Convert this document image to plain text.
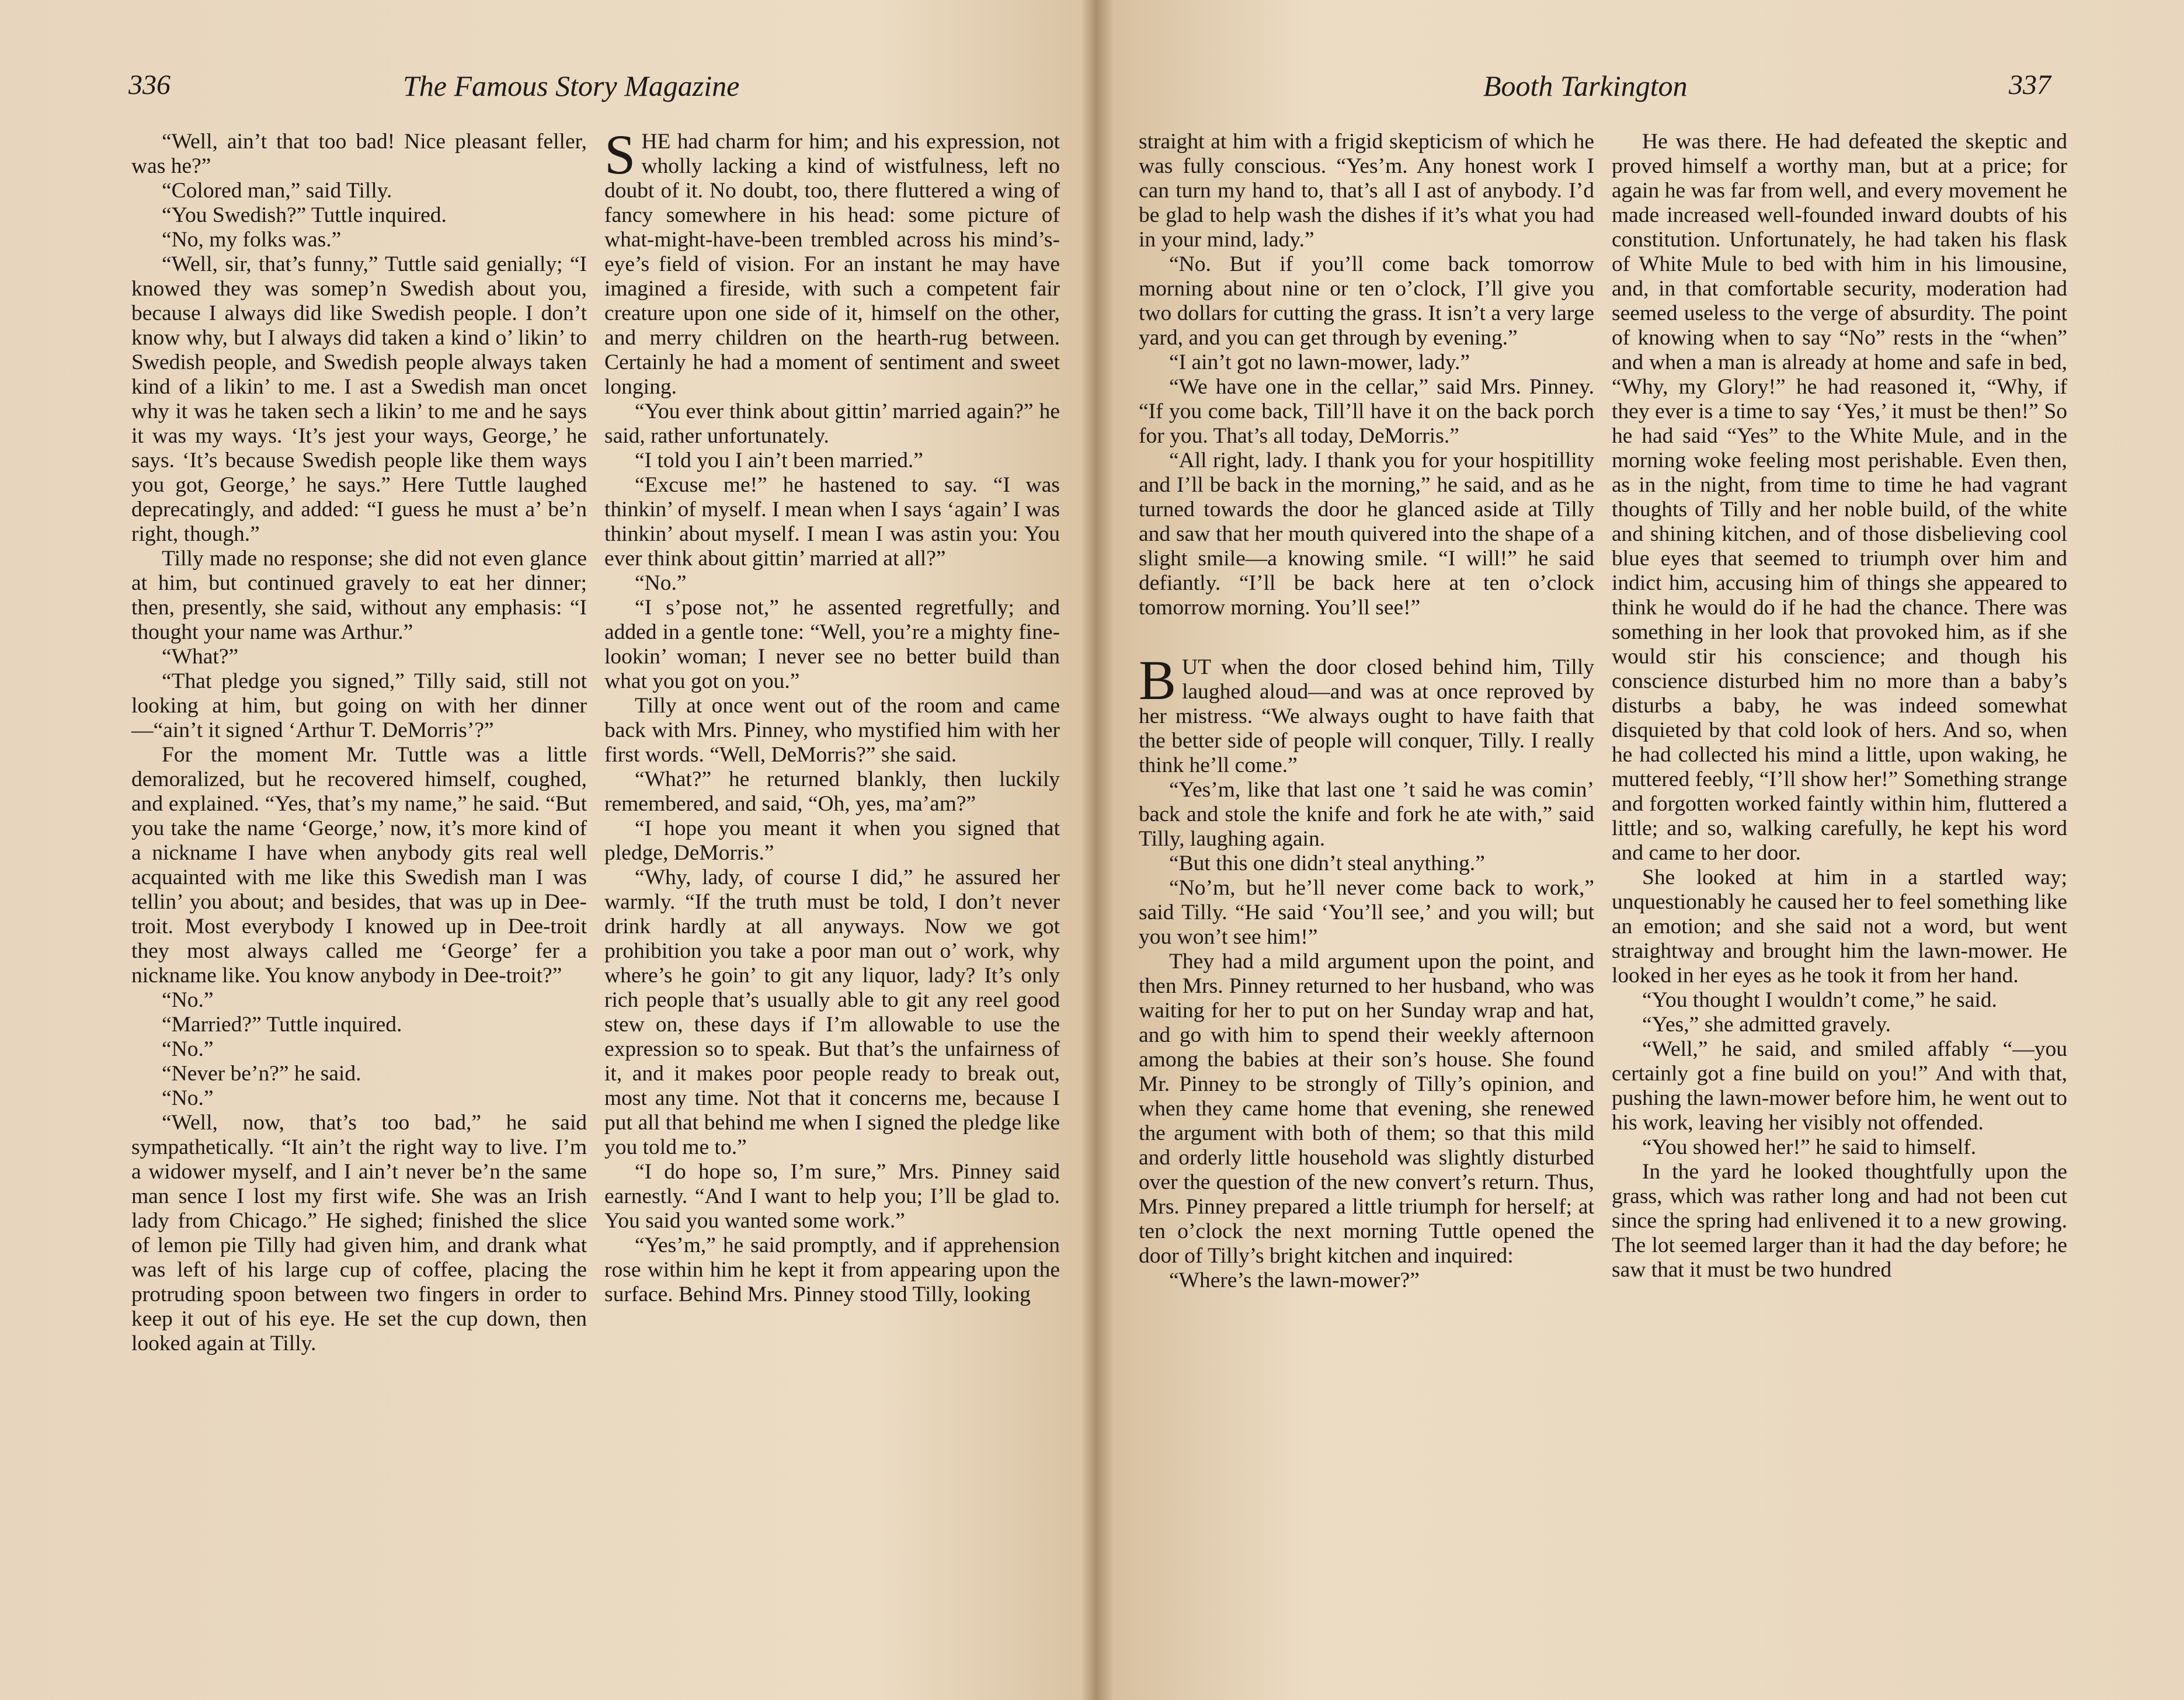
336	The Famous Story Magazine

“Well, ain’t that too bad! Nice pleasant feller, was he?”

“Colored man,” said Tilly.

“You Swedish?” Tuttle inquired.

“No, my folks was.”

“Well, sir, that’s funny,” Tuttle said genially; “I knowed they was somep’n Swedish about you, because I always did like Swedish people. I don’t know why, but I always did taken a kind o’ likin’ to Swedish people, and Swedish people always taken kind of a likin’ to me. I ast a Swedish man oncet why it was he taken sech a likin’ to me and he says it was my ways. ‘It’s jest your ways, George,’ he says. ‘It’s because Swedish people like them ways you got, George,’ he says.” Here Tuttle laughed deprecatingly, and added: “I guess he must a’ be’n right, though.”

Tilly made no response; she did not even glance at him, but continued gravely to eat her dinner; then, presently, she said, without any emphasis: “I thought your name was Arthur.”

“What?”

“That pledge you signed,” Tilly said, still not looking at him, but going on with her dinner—“ain’t it signed ‘Arthur T. DeMorris’?”

For the moment Mr. Tuttle was a little demoralized, but he recovered himself, coughed, and explained. “Yes, that’s my name,” he said. “But you take the name ‘George,’ now, it’s more kind of a nickname I have when anybody gits real well acquainted with me like this Swedish man I was tellin’ you about; and besides, that was up in Dee-troit. Most everybody I knowed up in Dee-troit they most always called me ‘George’ fer a nickname like. You know anybody in Dee-troit?”

“No.”

“Married?” Tuttle inquired.

“No.”

“Never be’n?” he said.

“No.”

“Well, now, that’s too bad,” he said sympathetically. “It ain’t the right way to live. I’m a widower myself, and I ain’t never be’n the same man sence I lost my first wife. She was an Irish lady from Chicago.” He sighed; finished the slice of lemon pie Tilly had given him, and drank what was left of his large cup of coffee, placing the protruding spoon between two fingers in order to keep it out of his eye. He set the cup down, then looked again at Tilly.

SHE had charm for him; and his expression, not wholly lacking a kind of wistfulness, left no doubt of it. No doubt, too, there fluttered a wing of fancy somewhere in his head: some picture of what-might-have-been trembled across his mind’s-eye’s field of vision. For an instant he may have imagined a fireside, with such a competent fair creature upon one side of it, himself on the other, and merry children on the hearth-rug between. Certainly he had a moment of sentiment and sweet longing.

“You ever think about gittin’ married again?” he said, rather unfortunately.

“I told you I ain’t been married.”

“Excuse me!” he hastened to say. “I was thinkin’ of myself. I mean when I says ‘again’ I was thinkin’ about myself. I mean I was astin you: You ever think about gittin’ married at all?”

“No.”

“I s’pose not,” he assented regretfully; and added in a gentle tone: “Well, you’re a mighty fine-lookin’ woman; I never see no better build than what you got on you.”

Tilly at once went out of the room and came back with Mrs. Pinney, who mystified him with her first words. “Well, DeMorris?” she said.

“What?” he returned blankly, then luckily remembered, and said, “Oh, yes, ma’am?”

“I hope you meant it when you signed that pledge, DeMorris.”

“Why, lady, of course I did,” he assured her warmly. “If the truth must be told, I don’t never drink hardly at all anyways. Now we got prohibition you take a poor man out o’ work, why where’s he goin’ to git any liquor, lady? It’s only rich people that’s usually able to git any reel good stew on, these days if I’m allowable to use the expression so to speak. But that’s the unfairness of it, and it makes poor people ready to break out, most any time. Not that it concerns me, because I put all that behind me when I signed the pledge like you told me to.”

“I do hope so, I’m sure,” Mrs. Pinney said earnestly. “And I want to help you; I’ll be glad to. You said you wanted some work.”

“Yes’m,” he said promptly, and if apprehension rose within him he kept it from appearing upon the surface. Behind Mrs. Pinney stood Tilly, looking

Booth Tarkington	337

straight at him with a frigid skepticism of which he was fully conscious. “Yes’m. Any honest work I can turn my hand to, that’s all I ast of anybody. I’d be glad to help wash the dishes if it’s what you had in your mind, lady.”

“No. But if you’ll come back tomorrow morning about nine or ten o’clock, I’ll give you two dollars for cutting the grass. It isn’t a very large yard, and you can get through by evening.”

“I ain’t got no lawn-mower, lady.”

“We have one in the cellar,” said Mrs. Pinney. “If you come back, Till’ll have it on the back porch for you. That’s all today, DeMorris.”

“All right, lady. I thank you for your hospitillity and I’ll be back in the morning,” he said, and as he turned towards the door he glanced aside at Tilly and saw that her mouth quivered into the shape of a slight smile—a knowing smile. “I will!” he said defiantly. “I’ll be back here at ten o’clock tomorrow morning. You’ll see!”

BUT when the door closed behind him, Tilly laughed aloud—and was at once reproved by her mistress. “We always ought to have faith that the better side of people will conquer, Tilly. I really think he’ll come.”

“Yes’m, like that last one ’t said he was comin’ back and stole the knife and fork he ate with,” said Tilly, laughing again.

“But this one didn’t steal anything.”

“No’m, but he’ll never come back to work,” said Tilly. “He said ‘You’ll see,’ and you will; but you won’t see him!”

They had a mild argument upon the point, and then Mrs. Pinney returned to her husband, who was waiting for her to put on her Sunday wrap and hat, and go with him to spend their weekly afternoon among the babies at their son’s house. She found Mr. Pinney to be strongly of Tilly’s opinion, and when they came home that evening, she renewed the argument with both of them; so that this mild and orderly little household was slightly disturbed over the question of the new convert’s return. Thus, Mrs. Pinney prepared a little triumph for herself; at ten o’clock the next morning Tuttle opened the door of Tilly’s bright kitchen and inquired:

“Where’s the lawn-mower?”

He was there. He had defeated the skeptic and proved himself a worthy man, but at a price; for again he was far from well, and every movement he made increased well-founded inward doubts of his constitution. Unfortunately, he had taken his flask of White Mule to bed with him in his limousine, and, in that comfortable security, moderation had seemed useless to the verge of absurdity. The point of knowing when to say “No” rests in the “when” and when a man is already at home and safe in bed, “Why, my Glory!” he had reasoned it, “Why, if they ever is a time to say ‘Yes,’ it must be then!” So he had said “Yes” to the White Mule, and in the morning woke feeling most perishable. Even then, as in the night, from time to time he had vagrant thoughts of Tilly and her noble build, of the white and shining kitchen, and of those disbelieving cool blue eyes that seemed to triumph over him and indict him, accusing him of things she appeared to think he would do if he had the chance. There was something in her look that provoked him, as if she would stir his conscience; and though his conscience disturbed him no more than a baby’s disturbs a baby, he was indeed somewhat disquieted by that cold look of hers. And so, when he had collected his mind a little, upon waking, he muttered feebly, “I’ll show her!” Something strange and forgotten worked faintly within him, fluttered a little; and so, walking carefully, he kept his word and came to her door.

She looked at him in a startled way; unquestionably he caused her to feel something like an emotion; and she said not a word, but went straightway and brought him the lawn-mower. He looked in her eyes as he took it from her hand.

“You thought I wouldn’t come,” he said.

“Yes,” she admitted gravely.

“Well,” he said, and smiled affably “—you certainly got a fine build on you!” And with that, pushing the lawn-mower before him, he went out to his work, leaving her visibly not offended.

“You showed her!” he said to himself.

In the yard he looked thoughtfully upon the grass, which was rather long and had not been cut since the spring had enlivened it to a new growing. The lot seemed larger than it had the day before; he saw that it must be two hundred
